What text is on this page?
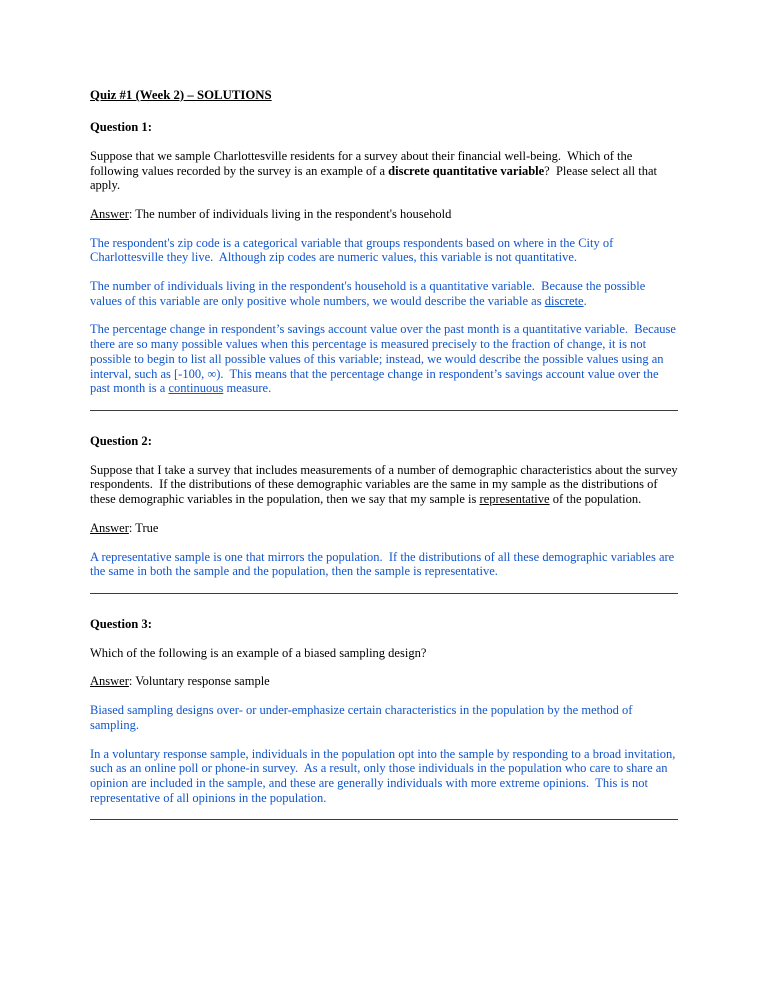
Quiz #1 (Week 2) – SOLUTIONS

Question 1:

Suppose that we sample Charlottesville residents for a survey about their financial well-being.  Which of the following values recorded by the survey is an example of a discrete quantitative variable?  Please select all that apply.

Answer: The number of individuals living in the respondent's household

The respondent's zip code is a categorical variable that groups respondents based on where in the City of Charlottesville they live.  Although zip codes are numeric values, this variable is not quantitative.

The number of individuals living in the respondent's household is a quantitative variable.  Because the possible values of this variable are only positive whole numbers, we would describe the variable as discrete.

The percentage change in respondent’s savings account value over the past month is a quantitative variable.  Because there are so many possible values when this percentage is measured precisely to the fraction of change, it is not possible to begin to list all possible values of this variable; instead, we would describe the possible values using an interval, such as [-100, ∞).  This means that the percentage change in respondent’s savings account value over the past month is a continuous measure.

Question 2:

Suppose that I take a survey that includes measurements of a number of demographic characteristics about the survey respondents.  If the distributions of these demographic variables are the same in my sample as the distributions of these demographic variables in the population, then we say that my sample is representative of the population.

Answer: True

A representative sample is one that mirrors the population.  If the distributions of all these demographic variables are the same in both the sample and the population, then the sample is representative.

Question 3:

Which of the following is an example of a biased sampling design?

Answer: Voluntary response sample

Biased sampling designs over- or under-emphasize certain characteristics in the population by the method of sampling.

In a voluntary response sample, individuals in the population opt into the sample by responding to a broad invitation, such as an online poll or phone-in survey.  As a result, only those individuals in the population who care to share an opinion are included in the sample, and these are generally individuals with more extreme opinions.  This is not representative of all opinions in the population.
